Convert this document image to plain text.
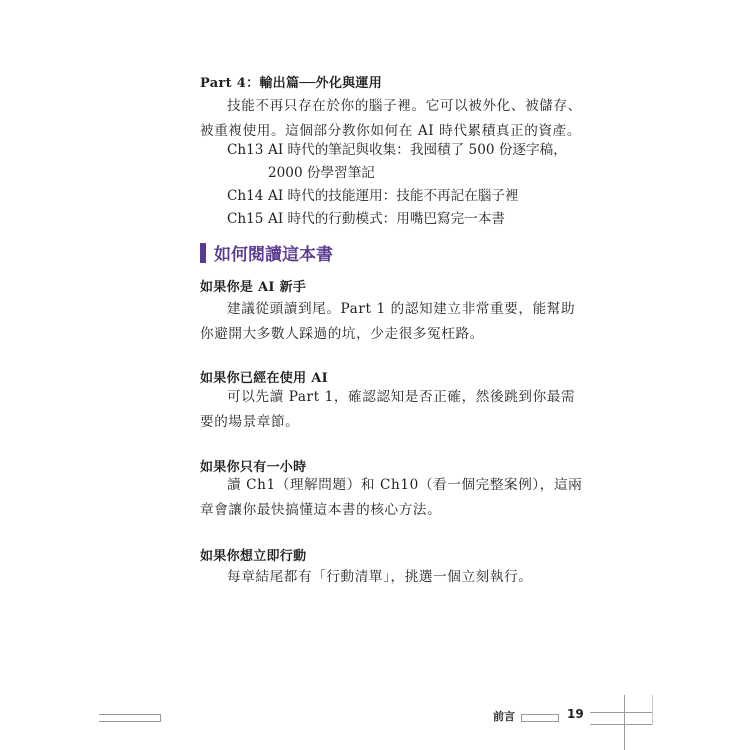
Part 4：輸出篇──外化與運用
技能不再只存在於你的腦子裡。它可以被外化、被儲存、被重複使用。這個部分教你如何在 AI 時代累積真正的資產。
Ch13 AI 時代的筆記與收集：我囤積了 500 份逐字稿，2000 份學習筆記
Ch14 AI 時代的技能運用：技能不再記在腦子裡
Ch15 AI 時代的行動模式：用嘴巴寫完一本書
如何閱讀這本書
如果你是 AI 新手
建議從頭讀到尾。Part 1 的認知建立非常重要，能幫助你避開大多數人踩過的坑，少走很多冤枉路。
如果你已經在使用 AI
可以先讀 Part 1，確認認知是否正確，然後跳到你最需要的場景章節。
如果你只有一小時
讀 Ch1（理解問題）和 Ch10（看一個完整案例），這兩章會讓你最快搞懂這本書的核心方法。
如果你想立即行動
每章結尾都有「行動清單」，挑選一個立刻執行。
前言	19
